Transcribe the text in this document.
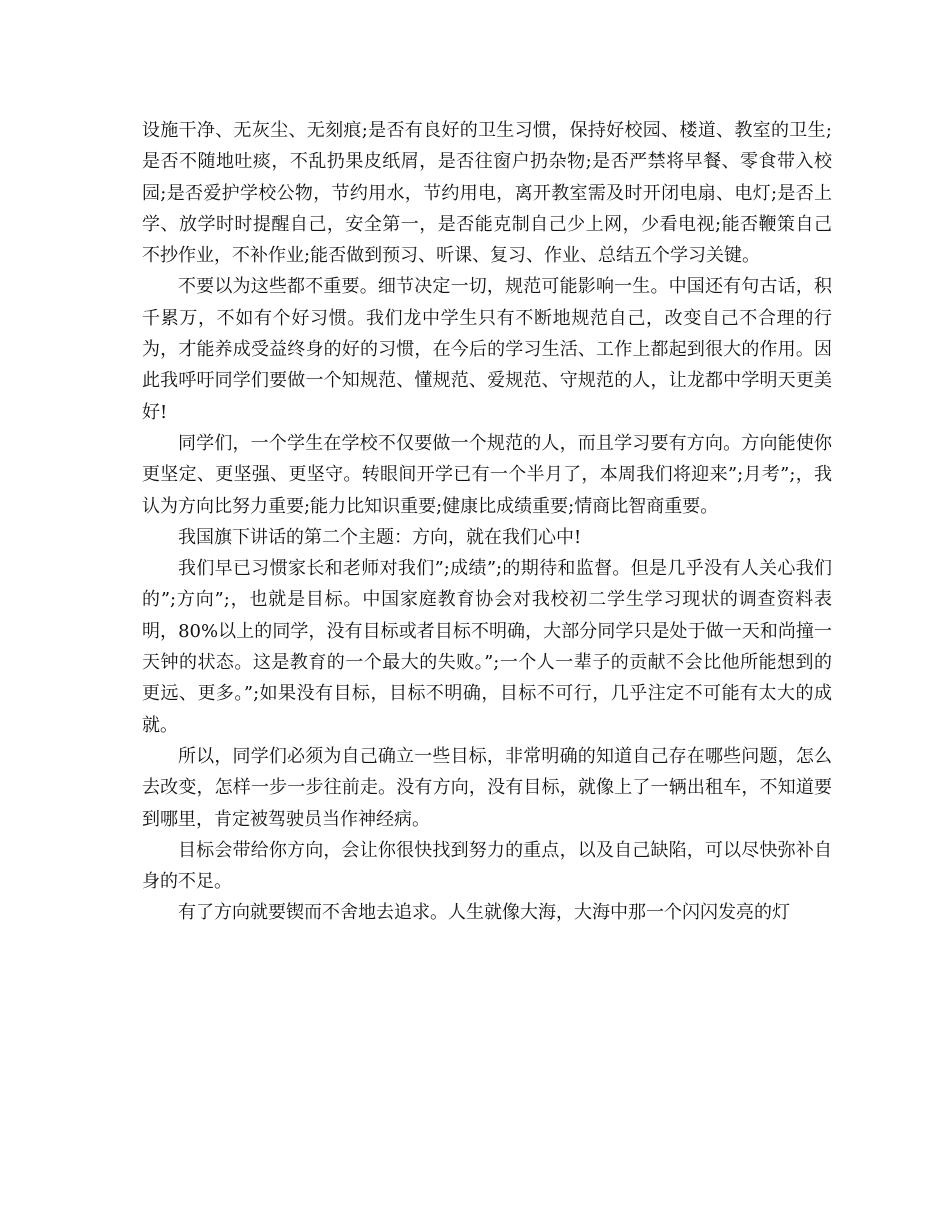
设施干净、无灰尘、无刻痕;是否有良好的卫生习惯，保持好校园、楼道、教室的卫生;是否不随地吐痰，不乱扔果皮纸屑，是否往窗户扔杂物;是否严禁将早餐、零食带入校园;是否爱护学校公物，节约用水，节约用电，离开教室需及时开闭电扇、电灯;是否上学、放学时时提醒自己，安全第一，是否能克制自己少上网，少看电视;能否鞭策自己不抄作业，不补作业;能否做到预习、听课、复习、作业、总结五个学习关键。

不要以为这些都不重要。细节决定一切，规范可能影响一生。中国还有句古话，积千累万，不如有个好习惯。我们龙中学生只有不断地规范自己，改变自己不合理的行为，才能养成受益终身的好的习惯，在今后的学习生活、工作上都起到很大的作用。因此我呼吁同学们要做一个知规范、懂规范、爱规范、守规范的人，让龙都中学明天更美好!

同学们，一个学生在学校不仅要做一个规范的人，而且学习要有方向。方向能使你更坚定、更坚强、更坚守。转眼间开学已有一个半月了，本周我们将迎来”;月考”;，我认为方向比努力重要;能力比知识重要;健康比成绩重要;情商比智商重要。

我国旗下讲话的第二个主题：方向，就在我们心中!

我们早已习惯家长和老师对我们”;成绩”;的期待和监督。但是几乎没有人关心我们的”;方向”;，也就是目标。中国家庭教育协会对我校初二学生学习现状的调查资料表明，80%以上的同学，没有目标或者目标不明确，大部分同学只是处于做一天和尚撞一天钟的状态。这是教育的一个最大的失败。”;一个人一辈子的贡献不会比他所能想到的更远、更多。”;如果没有目标，目标不明确，目标不可行，几乎注定不可能有太大的成就。

所以，同学们必须为自己确立一些目标，非常明确的知道自己存在哪些问题，怎么去改变，怎样一步一步往前走。没有方向，没有目标，就像上了一辆出租车，不知道要到哪里，肯定被驾驶员当作神经病。

目标会带给你方向，会让你很快找到努力的重点，以及自己缺陷，可以尽快弥补自身的不足。

有了方向就要锲而不舍地去追求。人生就像大海，大海中那一个闪闪发亮的灯
